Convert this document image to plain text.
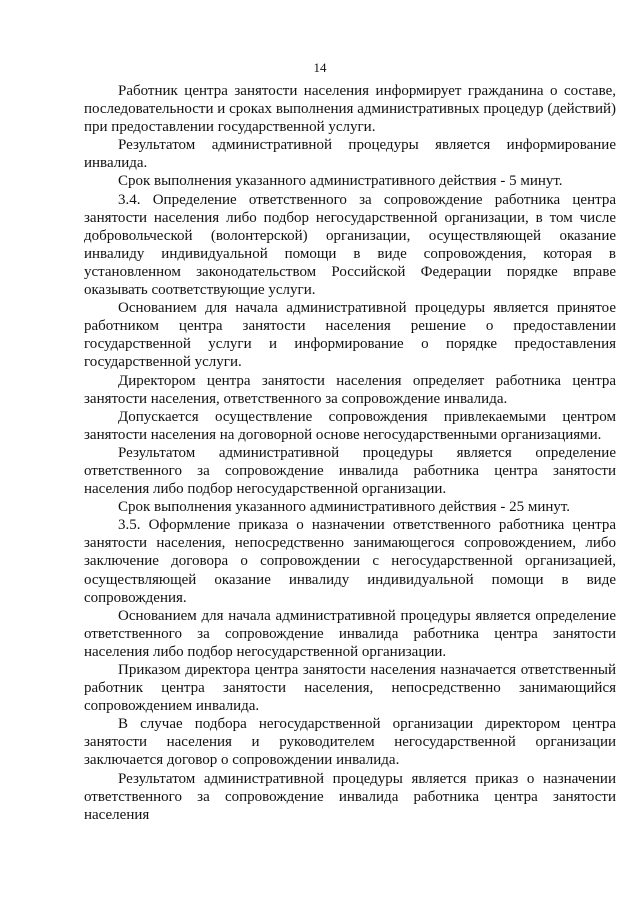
14

Работник центра занятости населения информирует гражданина о составе, последовательности и сроках выполнения административных процедур (действий) при предоставлении государственной услуги.

Результатом административной процедуры является информирование инвалида.

Срок выполнения указанного административного действия - 5 минут.

3.4. Определение ответственного за сопровождение работника центра занятости населения либо подбор негосударственной организации, в том числе добровольческой (волонтерской) организации, осуществляющей оказание инвалиду индивидуальной помощи в виде сопровождения, которая в установленном законодательством Российской Федерации порядке вправе оказывать соответствующие услуги.

Основанием для начала административной процедуры является принятое работником центра занятости населения решение о предоставлении государственной услуги и информирование о порядке предоставления государственной услуги.

Директором центра занятости населения определяет работника центра занятости населения, ответственного за сопровождение инвалида.

Допускается осуществление сопровождения привлекаемыми центром занятости населения на договорной основе негосударственными организациями.

Результатом административной процедуры является определение ответственного за сопровождение инвалида работника центра занятости населения либо подбор негосударственной организации.

Срок выполнения указанного административного действия - 25 минут.

3.5. Оформление приказа о назначении ответственного работника центра занятости населения, непосредственно занимающегося сопровождением, либо заключение договора о сопровождении с негосударственной организацией, осуществляющей оказание инвалиду индивидуальной помощи в виде сопровождения.

Основанием для начала административной процедуры является определение ответственного за сопровождение инвалида работника центра занятости населения либо подбор негосударственной организации.

Приказом директора центра занятости населения назначается ответственный работник центра занятости населения, непосредственно занимающийся сопровождением инвалида.

В случае подбора негосударственной организации директором центра занятости населения и руководителем негосударственной организации заключается договор о сопровождении инвалида.

Результатом административной процедуры является приказ о назначении ответственного за сопровождение инвалида работника центра занятости населения
